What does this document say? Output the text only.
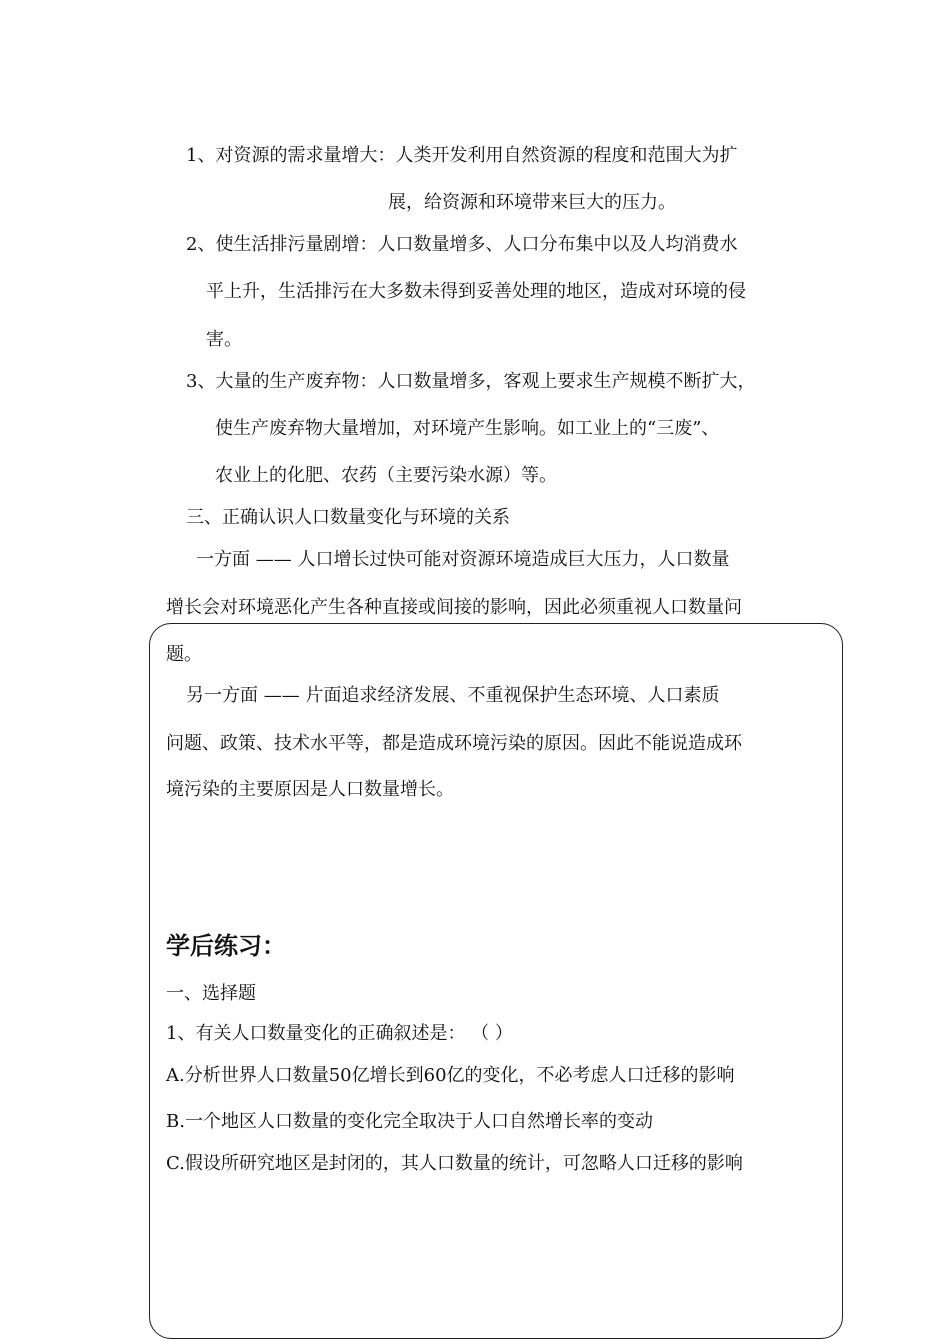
1、对资源的需求量增大：人类开发利用自然资源的程度和范围大为扩
展，给资源和环境带来巨大的压力。
2、使生活排污量剧增：人口数量增多、人口分布集中以及人均消费水
平上升，生活排污在大多数未得到妥善处理的地区，造成对环境的侵
害。
3、大量的生产废弃物：人口数量增多，客观上要求生产规模不断扩大，
使生产废弃物大量增加，对环境产生影响。如工业上的“三废”、
农业上的化肥、农药（主要污染水源）等。
三、正确认识人口数量变化与环境的关系
一方面 —— 人口增长过快可能对资源环境造成巨大压力，人口数量
增长会对环境恶化产生各种直接或间接的影响，因此必须重视人口数量问
题。
另一方面 —— 片面追求经济发展、不重视保护生态环境、人口素质
问题、政策、技术水平等，都是造成环境污染的原因。因此不能说造成环
境污染的主要原因是人口数量增长。
学后练习：
一、选择题
1、有关人口数量变化的正确叙述是： （ ）
A.分析世界人口数量50亿增长到60亿的变化，不必考虑人口迁移的影响
B.一个地区人口数量的变化完全取决于人口自然增长率的变动
C.假设所研究地区是封闭的，其人口数量的统计，可忽略人口迁移的影响
